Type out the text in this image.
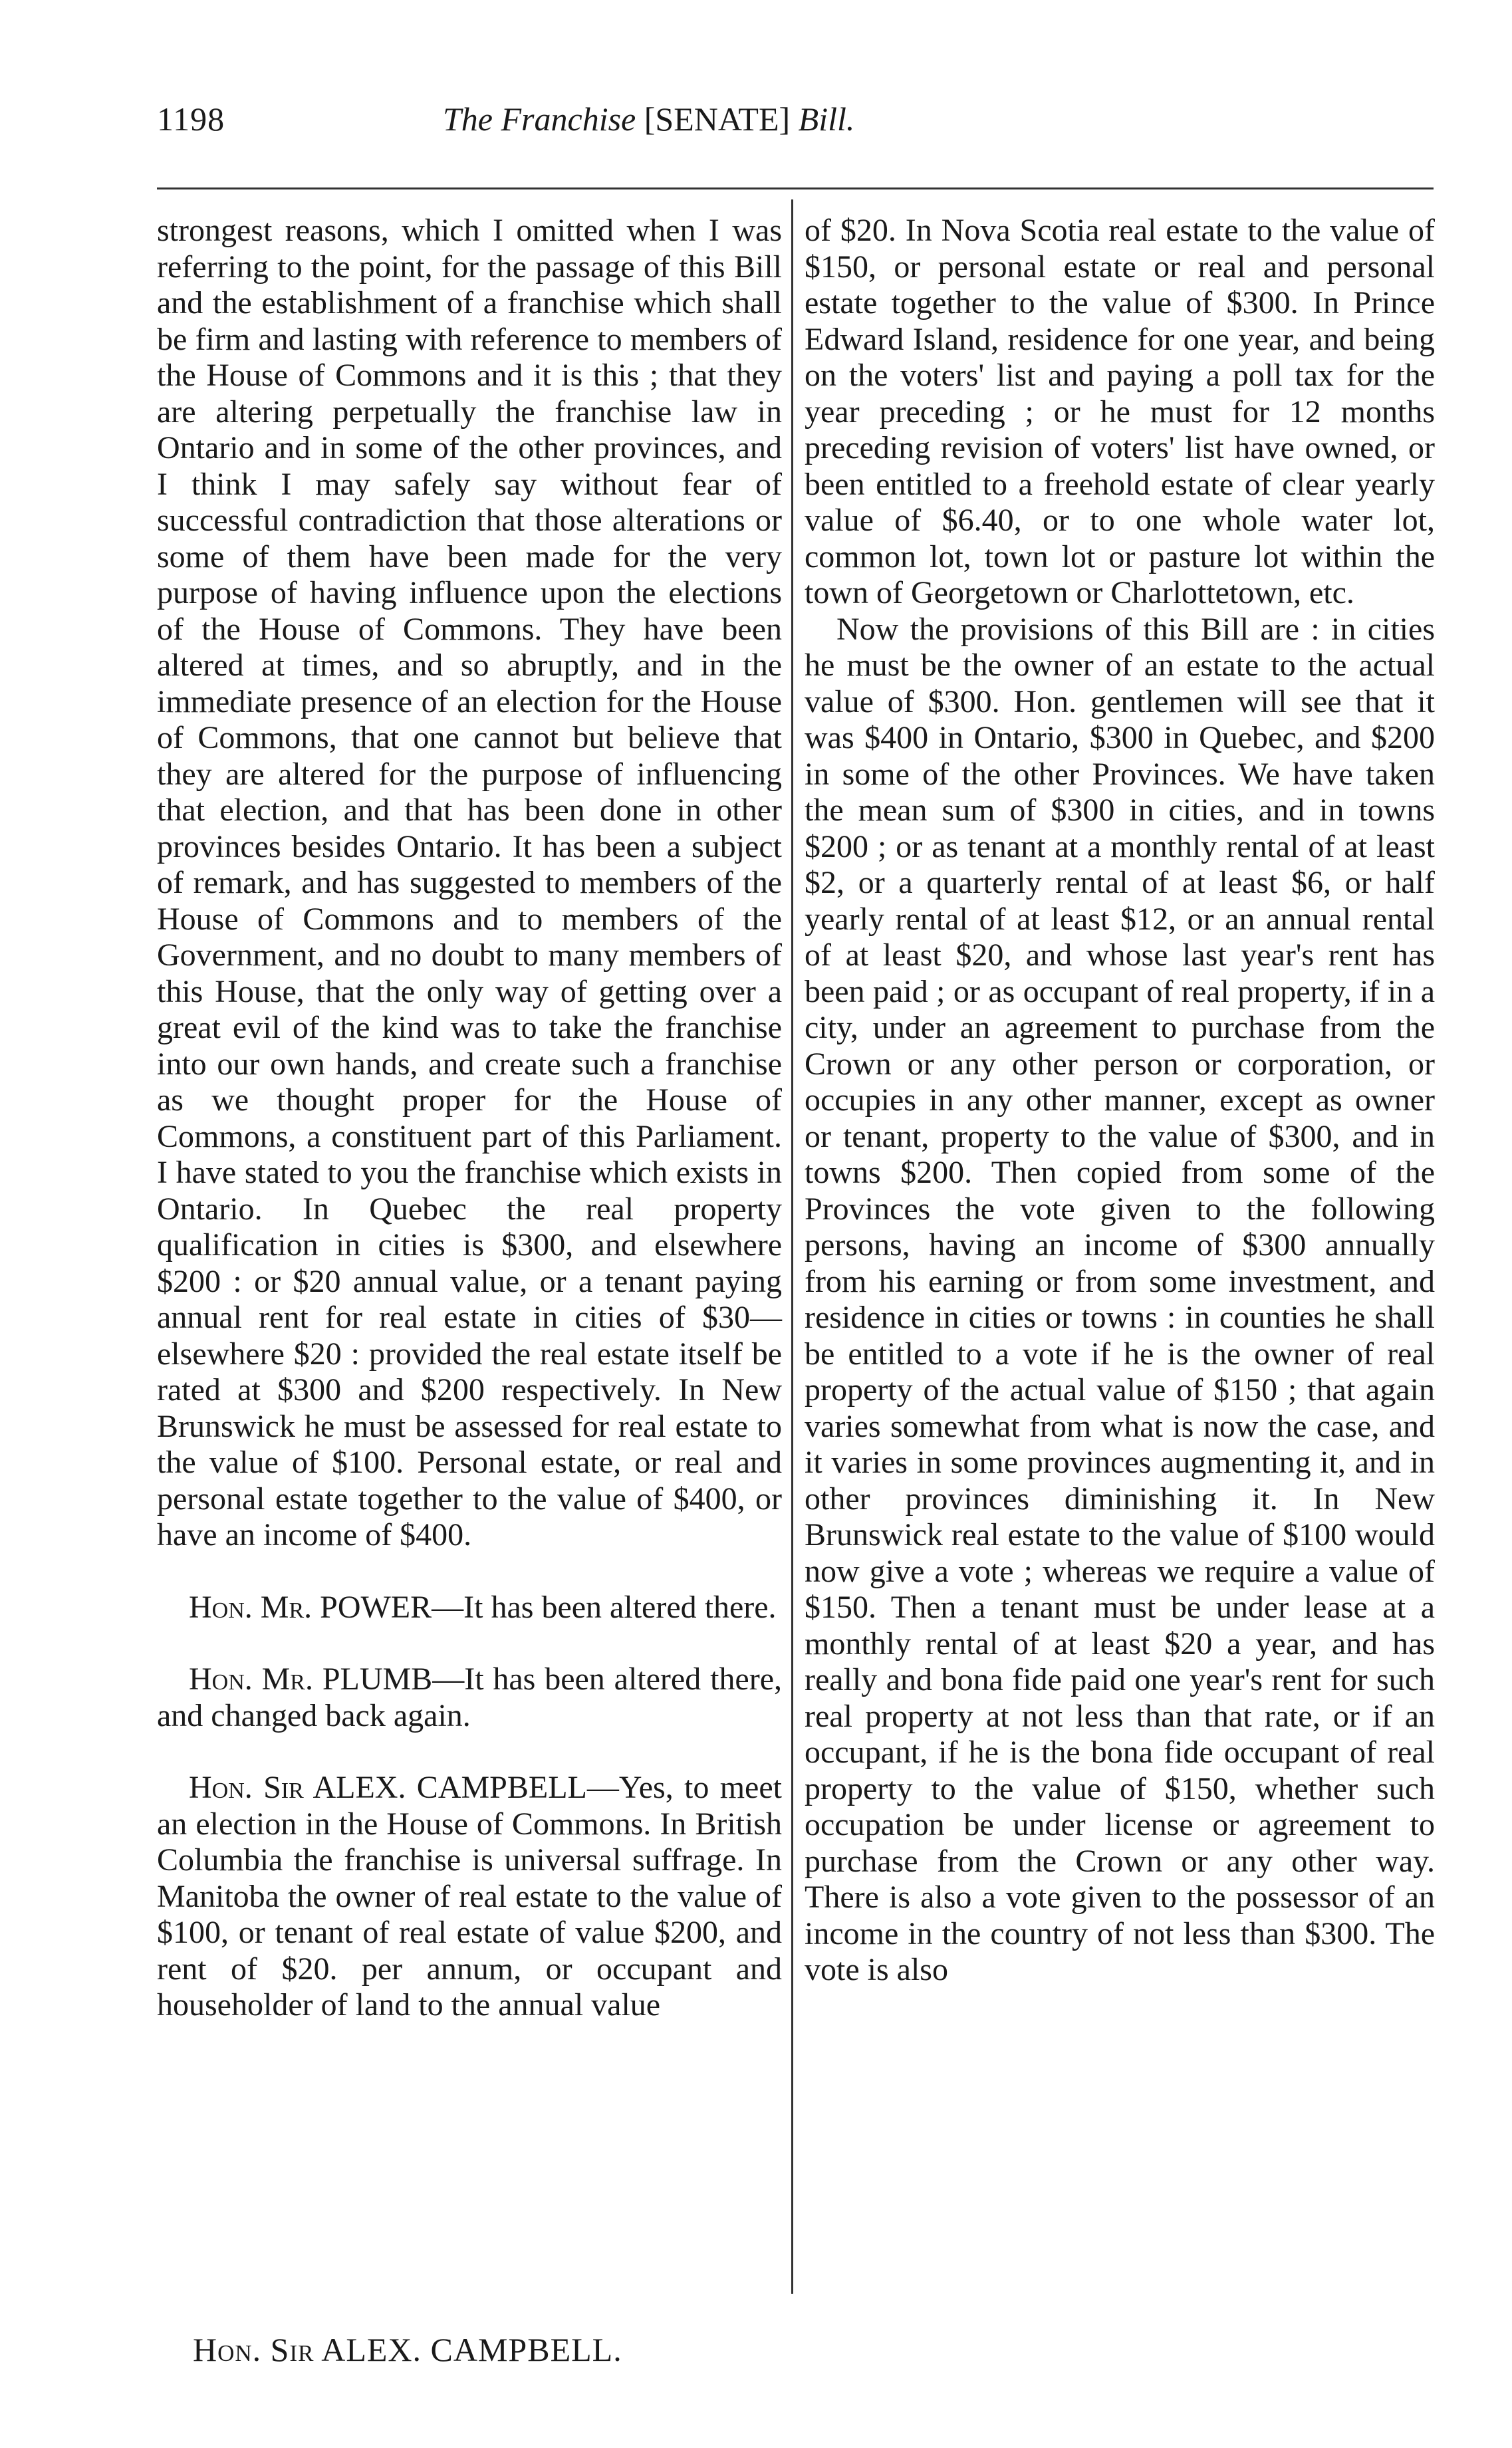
1198	The Franchise [SENATE] Bill.

strongest reasons, which I omitted when I was referring to the point, for the passage of this Bill and the establishment of a franchise which shall be firm and lasting with reference to members of the House of Commons and it is this ; that they are altering perpetually the franchise law in Ontario and in some of the other provinces, and I think I may safely say without fear of successful contradiction that those alterations or some of them have been made for the very purpose of having influence upon the elections of the House of Commons. They have been altered at times, and so abruptly, and in the immediate presence of an election for the House of Commons, that one cannot but believe that they are altered for the purpose of influencing that election, and that has been done in other provinces besides Ontario. It has been a subject of remark, and has suggested to members of the House of Commons and to members of the Government, and no doubt to many members of this House, that the only way of getting over a great evil of the kind was to take the franchise into our own hands, and create such a franchise as we thought proper for the House of Commons, a constituent part of this Parliament. I have stated to you the franchise which exists in Ontario. In Quebec the real property qualification in cities is $300, and elsewhere $200 : or $20 annual value, or a tenant paying annual rent for real estate in cities of $30—elsewhere $20 : provided the real estate itself be rated at $300 and $200 respectively. In New Brunswick he must be assessed for real estate to the value of $100. Personal estate, or real and personal estate together to the value of $400, or have an income of $400.

Hon. Mr. POWER—It has been altered there.

Hon. Mr. PLUMB—It has been altered there, and changed back again.

Hon. Sir ALEX. CAMPBELL—Yes, to meet an election in the House of Commons. In British Columbia the franchise is universal suffrage. In Manitoba the owner of real estate to the value of $100, or tenant of real estate of value $200, and rent of $20. per annum, or occupant and householder of land to the annual value

of $20. In Nova Scotia real estate to the value of $150, or personal estate or real and personal estate together to the value of $300. In Prince Edward Island, residence for one year, and being on the voters' list and paying a poll tax for the year preceding ; or he must for 12 months preceding revision of voters' list have owned, or been entitled to a freehold estate of clear yearly value of $6.40, or to one whole water lot, common lot, town lot or pasture lot within the town of Georgetown or Charlottetown, etc.

Now the provisions of this Bill are : in cities he must be the owner of an estate to the actual value of $300. Hon. gentlemen will see that it was $400 in Ontario, $300 in Quebec, and $200 in some of the other Provinces. We have taken the mean sum of $300 in cities, and in towns $200 ; or as tenant at a monthly rental of at least $2, or a quarterly rental of at least $6, or half yearly rental of at least $12, or an annual rental of at least $20, and whose last year's rent has been paid ; or as occupant of real property, if in a city, under an agreement to purchase from the Crown or any other person or corporation, or occupies in any other manner, except as owner or tenant, property to the value of $300, and in towns $200. Then copied from some of the Provinces the vote given to the following persons, having an income of $300 annually from his earning or from some investment, and residence in cities or towns : in counties he shall be entitled to a vote if he is the owner of real property of the actual value of $150 ; that again varies somewhat from what is now the case, and it varies in some provinces augmenting it, and in other provinces diminishing it. In New Brunswick real estate to the value of $100 would now give a vote ; whereas we require a value of $150. Then a tenant must be under lease at a monthly rental of at least $20 a year, and has really and bona fide paid one year's rent for such real property at not less than that rate, or if an occupant, if he is the bona fide occupant of real property to the value of $150, whether such occupation be under license or agreement to purchase from the Crown or any other way. There is also a vote given to the possessor of an income in the country of not less than $300. The vote is also

Hon. Sir ALEX. CAMPBELL.
